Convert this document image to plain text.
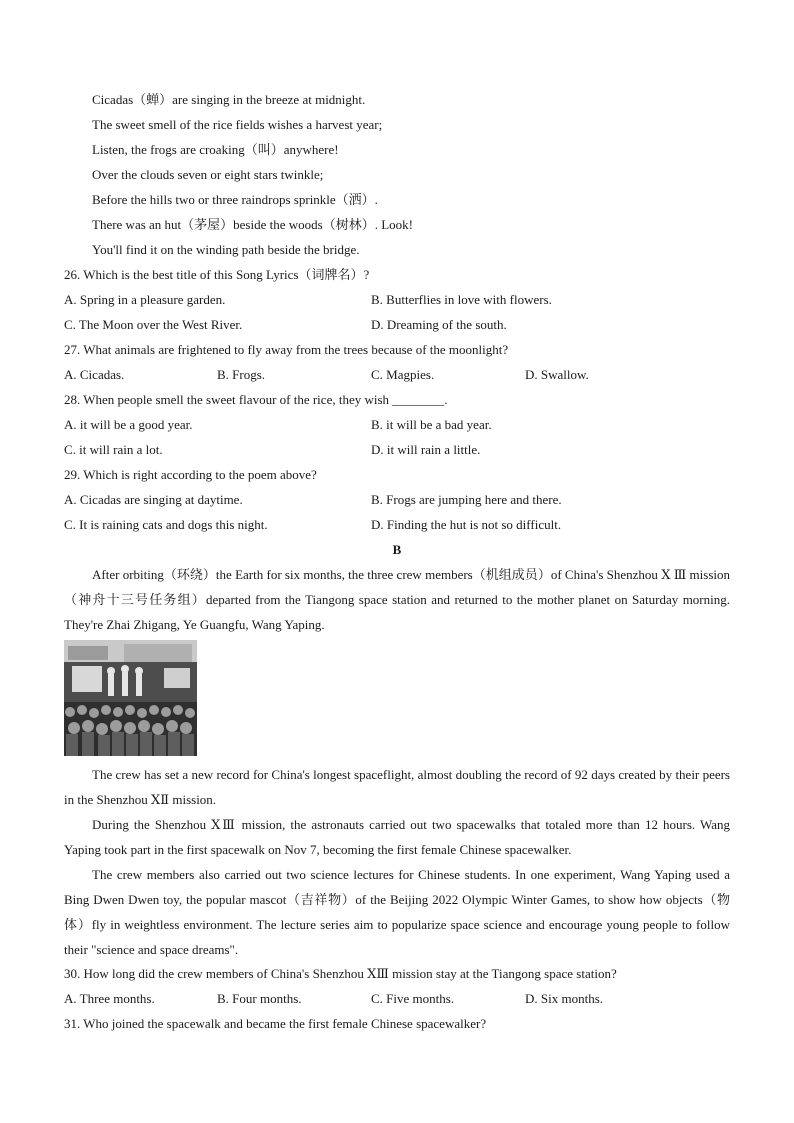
Cicadas（蝉）are singing in the breeze at midnight.
The sweet smell of the rice fields wishes a harvest year;
Listen, the frogs are croaking（叫）anywhere!
Over the clouds seven or eight stars twinkle;
Before the hills two or three raindrops sprinkle（洒）.
There was an hut（茅屋）beside the woods（树林）. Look!
You'll find it on the winding path beside the bridge.
26. Which is the best title of this Song Lyrics（词牌名）?
A. Spring in a pleasure garden.	B. Butterflies in love with flowers.
C. The Moon over the West River.	D. Dreaming of the south.
27. What animals are frightened to fly away from the trees because of the moonlight?
A. Cicadas.	B. Frogs.	C. Magpies.	D. Swallow.
28. When people smell the sweet flavour of the rice, they wish ________.
A. it will be a good year.	B. it will be a bad year.
C. it will rain a lot.	D. it will rain a little.
29. Which is right according to the poem above?
A. Cicadas are singing at daytime.	B. Frogs are jumping here and there.
C. It is raining cats and dogs this night.	D. Finding the hut is not so difficult.
B
After orbiting（环绕）the Earth for six months, the three crew members（机组成员）of China's Shenzhou Ⅹ Ⅲ mission（神舟十三号任务组）departed from the Tiangong space station and returned to the mother planet on Saturday morning. They're Zhai Zhigang, Ye Guangfu, Wang Yaping.
The crew has set a new record for China's longest spaceflight, almost doubling the record of 92 days created by their peers in the Shenzhou ⅩⅡ mission.
During the Shenzhou ⅩⅢ mission, the astronauts carried out two spacewalks that totaled more than 12 hours. Wang Yaping took part in the first spacewalk on Nov 7, becoming the first female Chinese spacewalker.
The crew members also carried out two science lectures for Chinese students. In one experiment, Wang Yaping used a Bing Dwen Dwen toy, the popular mascot（吉祥物）of the Beijing 2022 Olympic Winter Games, to show how objects（物体）fly in weightless environment. The lecture series aim to popularize space science and encourage young people to follow their "science and space dreams".
30. How long did the crew members of China's Shenzhou ⅩⅢ mission stay at the Tiangong space station?
A. Three months.	B. Four months.	C. Five months.	D. Six months.
31. Who joined the spacewalk and became the first female Chinese spacewalker?
